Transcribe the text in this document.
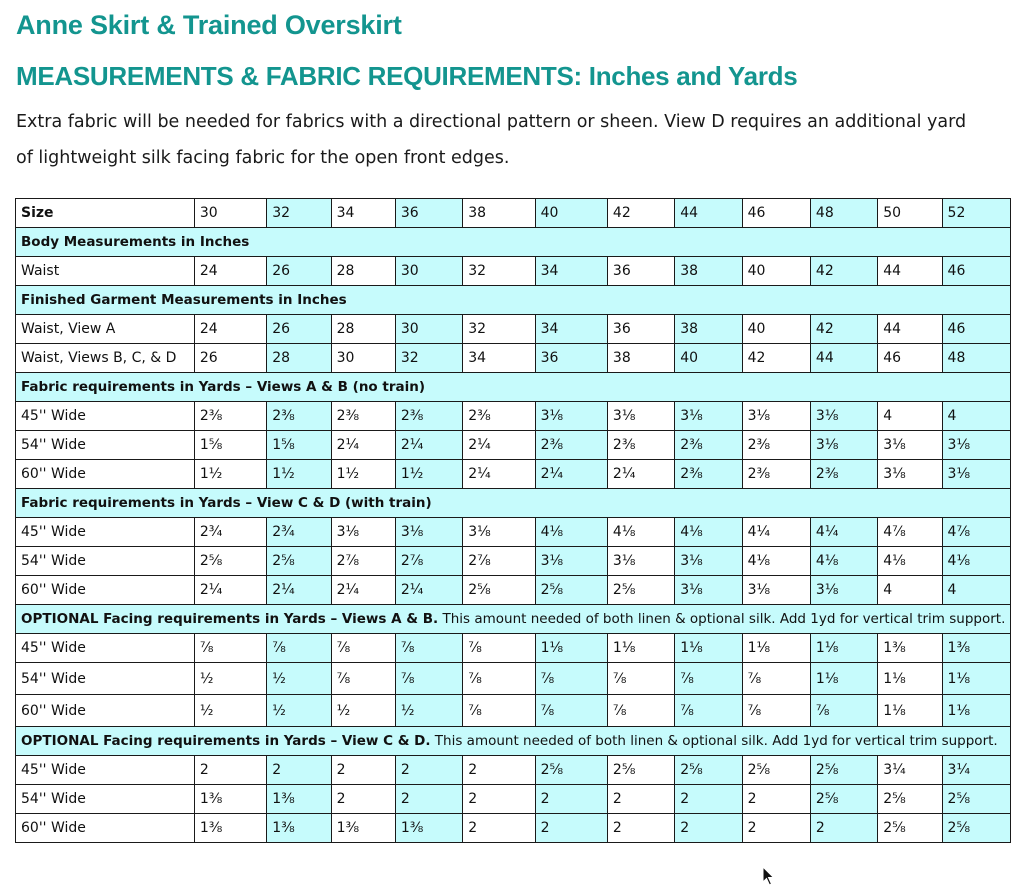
Anne Skirt & Trained Overskirt
MEASUREMENTS & FABRIC REQUIREMENTS: Inches and Yards
Extra fabric will be needed for fabrics with a directional pattern or sheen. View D requires an additional yard of lightweight silk facing fabric for the open front edges.
Size	30	32	34	36	38	40	42	44	46	48	50	52
Body Measurements in Inches												
Waist	24	26	28	30	32	34	36	38	40	42	44	46
Finished Garment Measurements in Inches												
Waist, View A	24	26	28	30	32	34	36	38	40	42	44	46
Waist, Views B, C, & D	26	28	30	32	34	36	38	40	42	44	46	48
Fabric requirements in Yards – Views A & B (no train)												
45'' Wide	2⅜	2⅜	2⅜	2⅜	2⅜	3⅛	3⅛	3⅛	3⅛	3⅛	4	4
54'' Wide	1⅝	1⅝	2¼	2¼	2¼	2⅜	2⅜	2⅜	2⅜	3⅛	3⅛	3⅛
60'' Wide	1½	1½	1½	1½	2¼	2¼	2¼	2⅜	2⅜	2⅜	3⅛	3⅛
Fabric requirements in Yards – View C & D (with train)												
45'' Wide	2¾	2¾	3⅛	3⅛	3⅛	4⅛	4⅛	4⅛	4¼	4¼	4⅞	4⅞
54'' Wide	2⅝	2⅝	2⅞	2⅞	2⅞	3⅛	3⅛	3⅛	4⅛	4⅛	4⅛	4⅛
60'' Wide	2¼	2¼	2¼	2¼	2⅝	2⅝	2⅝	3⅛	3⅛	3⅛	4	4
OPTIONAL Facing requirements in Yards – Views A & B. This amount needed of both linen & optional silk. Add 1yd for vertical trim support.												
45'' Wide	⅞	⅞	⅞	⅞	⅞	1⅛	1⅛	1⅛	1⅛	1⅛	1⅜	1⅜
54'' Wide	½	½	⅞	⅞	⅞	⅞	⅞	⅞	⅞	1⅛	1⅛	1⅛
60'' Wide	½	½	½	½	⅞	⅞	⅞	⅞	⅞	⅞	1⅛	1⅛
OPTIONAL Facing requirements in Yards – View C & D. This amount needed of both linen & optional silk. Add 1yd for vertical trim support.												
45'' Wide	2	2	2	2	2	2⅝	2⅝	2⅝	2⅝	2⅝	3¼	3¼
54'' Wide	1⅜	1⅜	2	2	2	2	2	2	2	2⅝	2⅝	2⅝
60'' Wide	1⅜	1⅜	1⅜	1⅜	2	2	2	2	2	2	2⅝	2⅝
